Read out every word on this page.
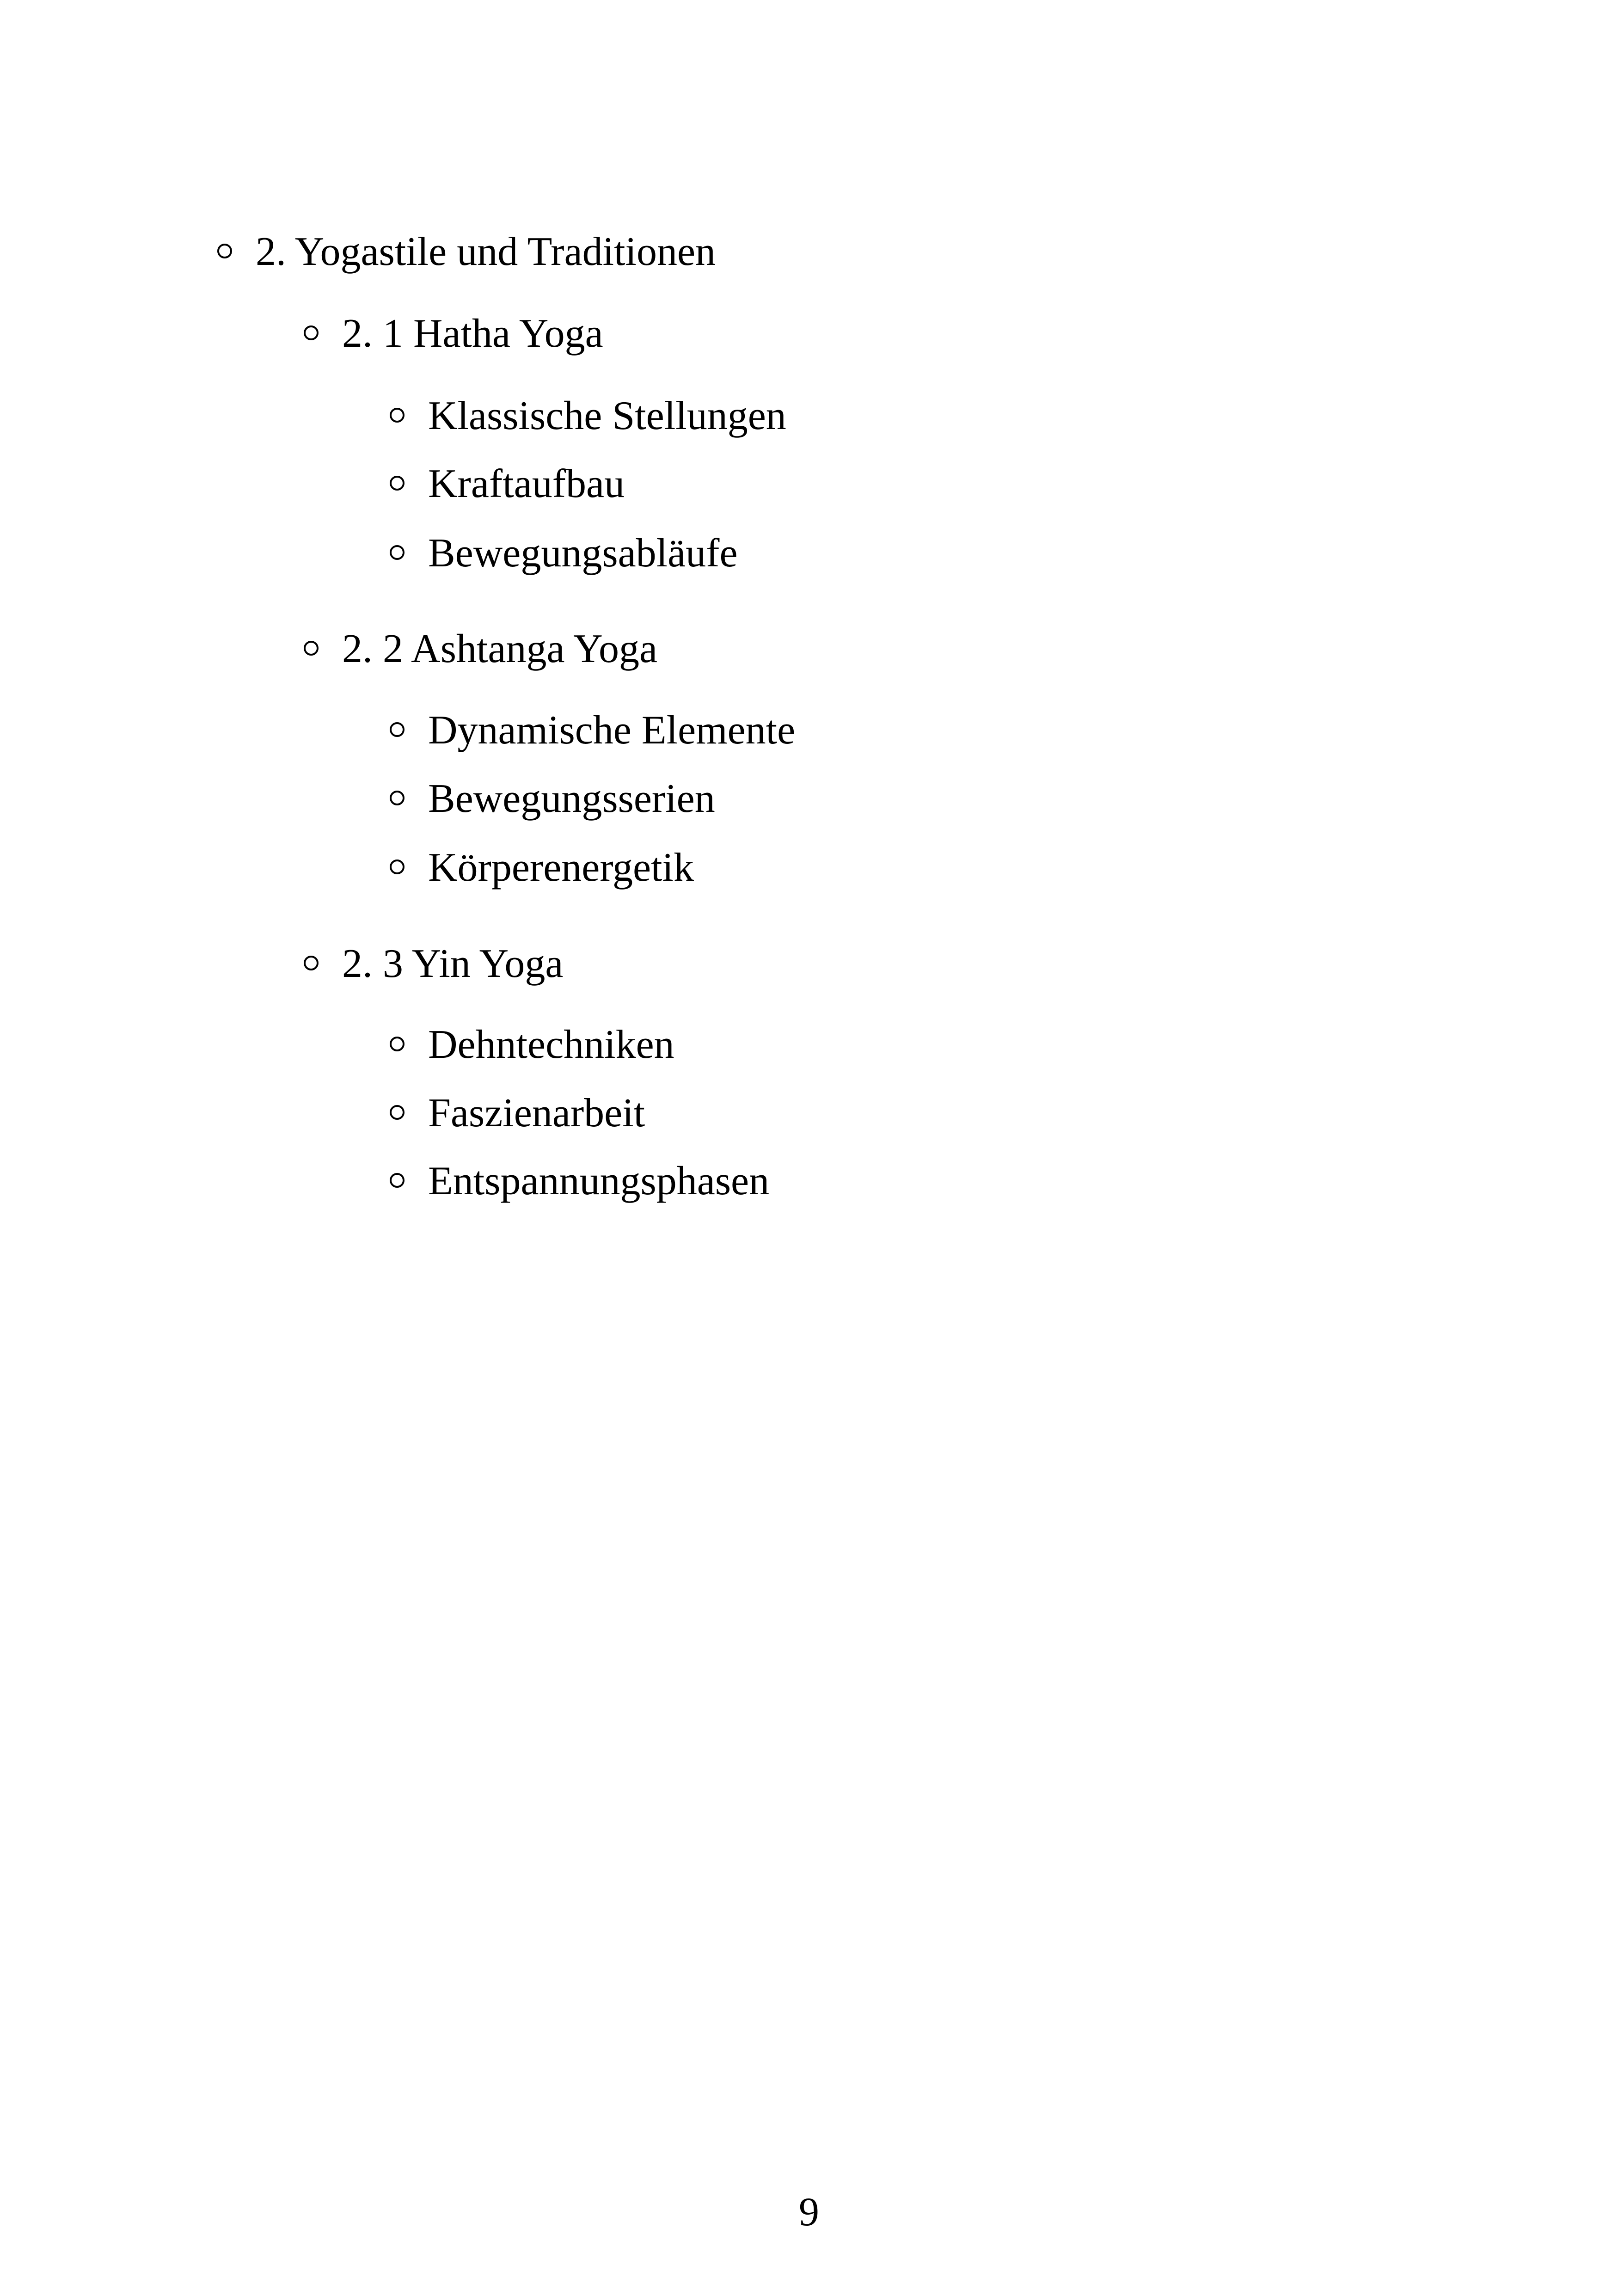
2. Yogastile und Traditionen
2. 1 Hatha Yoga
Klassische Stellungen
Kraftaufbau
Bewegungsabläufe
2. 2 Ashtanga Yoga
Dynamische Elemente
Bewegungsserien
Körperenergetik
2. 3 Yin Yoga
Dehntechniken
Faszienarbeit
Entspannungsphasen
9
